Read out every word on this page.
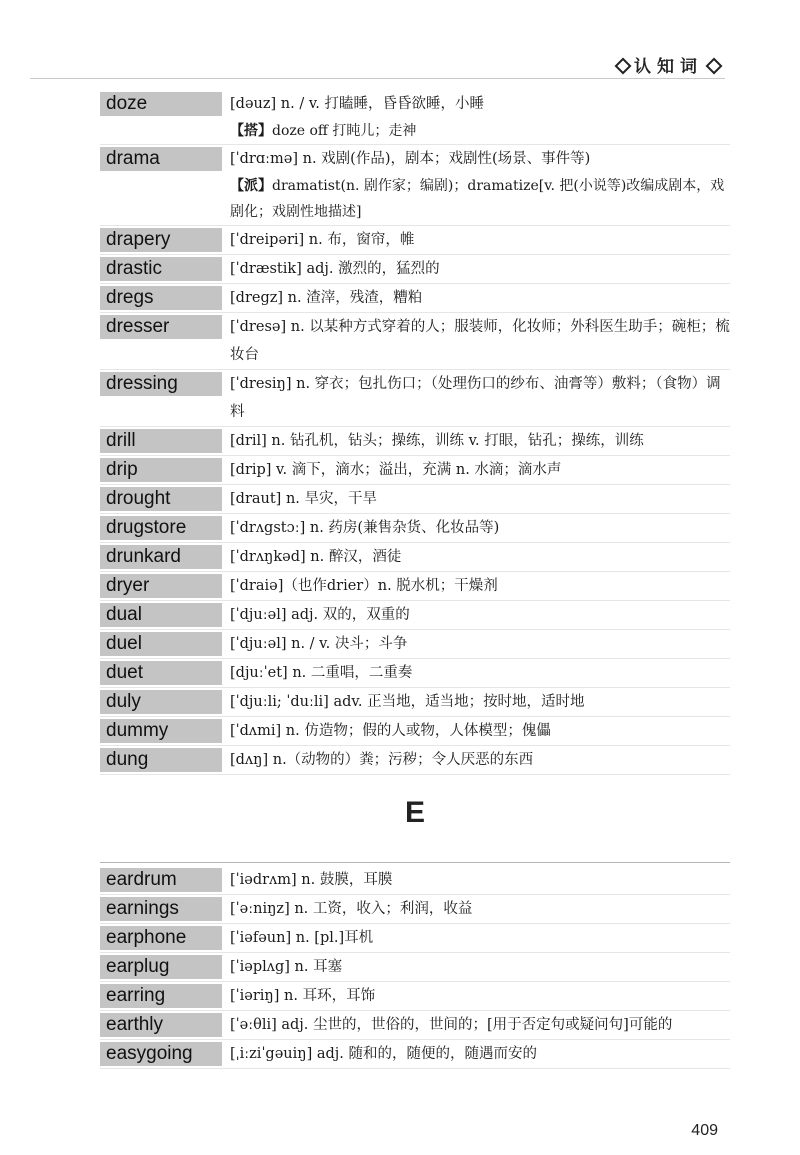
认知词
doze	[dəuz] n. / v. 打瞌睡，昏昏欲睡，小睡
【搭】doze off 打盹儿；走神
drama	[ˈdrɑːmə] n. 戏剧(作品)，剧本；戏剧性(场景、事件等)
【派】dramatist(n. 剧作家；编剧)；dramatize[v. 把(小说等)改编成剧本，戏剧化；戏剧性地描述]
drapery	[ˈdreipəri] n. 布，窗帘，帷
drastic	[ˈdræstik] adj. 激烈的，猛烈的
dregs	[dregz] n. 渣滓，残渣，糟粕
dresser	[ˈdresə] n. 以某种方式穿着的人；服装师，化妆师；外科医生助手；碗柜；梳妆台
dressing	[ˈdresiŋ] n. 穿衣；包扎伤口；（处理伤口的纱布、油膏等）敷料；（食物）调料
drill	[dril] n. 钻孔机，钻头；操练，训练 v. 打眼，钻孔；操练，训练
drip	[drip] v. 滴下，滴水；溢出，充满 n. 水滴；滴水声
drought	[draut] n. 旱灾，干旱
drugstore	[ˈdrʌgstɔː] n. 药房(兼售杂货、化妆品等)
drunkard	[ˈdrʌŋkəd] n. 醉汉，酒徒
dryer	[ˈdraiə]（也作drier）n. 脱水机；干燥剂
dual	[ˈdjuːəl] adj. 双的，双重的
duel	[ˈdjuːəl] n. / v. 决斗；斗争
duet	[djuːˈet] n. 二重唱，二重奏
duly	[ˈdjuːli; ˈduːli] adv. 正当地，适当地；按时地，适时地
dummy	[ˈdʌmi] n. 仿造物；假的人或物，人体模型；傀儡
dung	[dʌŋ] n.（动物的）粪；污秽；令人厌恶的东西
E
eardrum	[ˈiədrʌm] n. 鼓膜，耳膜
earnings	[ˈəːniŋz] n. 工资，收入；利润，收益
earphone	[ˈiəfəun] n. [pl.]耳机
earplug	[ˈiəplʌg] n. 耳塞
earring	[ˈiəriŋ] n. 耳环，耳饰
earthly	[ˈəːθli] adj. 尘世的，世俗的，世间的；[用于否定句或疑问句]可能的
easygoing	[ˌiːziˈgəuiŋ] adj. 随和的，随便的，随遇而安的
409
